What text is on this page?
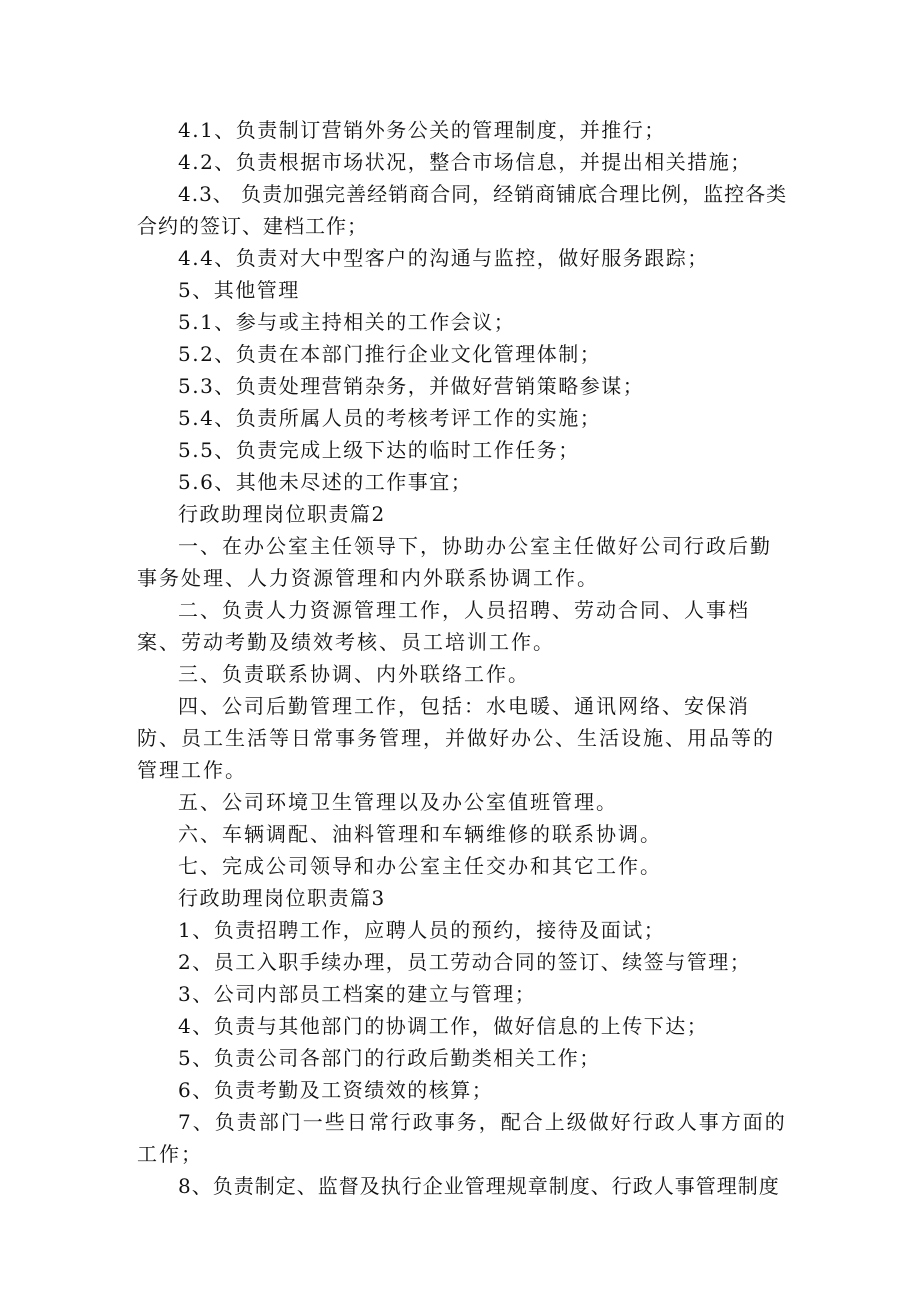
4.1、负责制订营销外务公关的管理制度，并推行；

4.2、负责根据市场状况，整合市场信息，并提出相关措施；

4.3、 负责加强完善经销商合同，经销商铺底合理比例，监控各类合约的签订、建档工作；

4.4、负责对大中型客户的沟通与监控，做好服务跟踪；

5、其他管理

5.1、参与或主持相关的工作会议；

5.2、负责在本部门推行企业文化管理体制；

5.3、负责处理营销杂务，并做好营销策略参谋；

5.4、负责所属人员的考核考评工作的实施；

5.5、负责完成上级下达的临时工作任务；

5.6、其他未尽述的工作事宜；

行政助理岗位职责篇2

一、在办公室主任领导下，协助办公室主任做好公司行政后勤事务处理、人力资源管理和内外联系协调工作。

二、负责人力资源管理工作，人员招聘、劳动合同、人事档案、劳动考勤及绩效考核、员工培训工作。

三、负责联系协调、内外联络工作。

四、公司后勤管理工作，包括：水电暖、通讯网络、安保消防、员工生活等日常事务管理，并做好办公、生活设施、用品等的管理工作。

五、公司环境卫生管理以及办公室值班管理。

六、车辆调配、油料管理和车辆维修的联系协调。

七、完成公司领导和办公室主任交办和其它工作。

行政助理岗位职责篇3

1、负责招聘工作，应聘人员的预约，接待及面试；

2、员工入职手续办理，员工劳动合同的签订、续签与管理；

3、公司内部员工档案的建立与管理；

4、负责与其他部门的协调工作，做好信息的上传下达；

5、负责公司各部门的行政后勤类相关工作；

6、负责考勤及工资绩效的核算；

7、负责部门一些日常行政事务，配合上级做好行政人事方面的工作；

8、负责制定、监督及执行企业管理规章制度、行政人事管理制度
